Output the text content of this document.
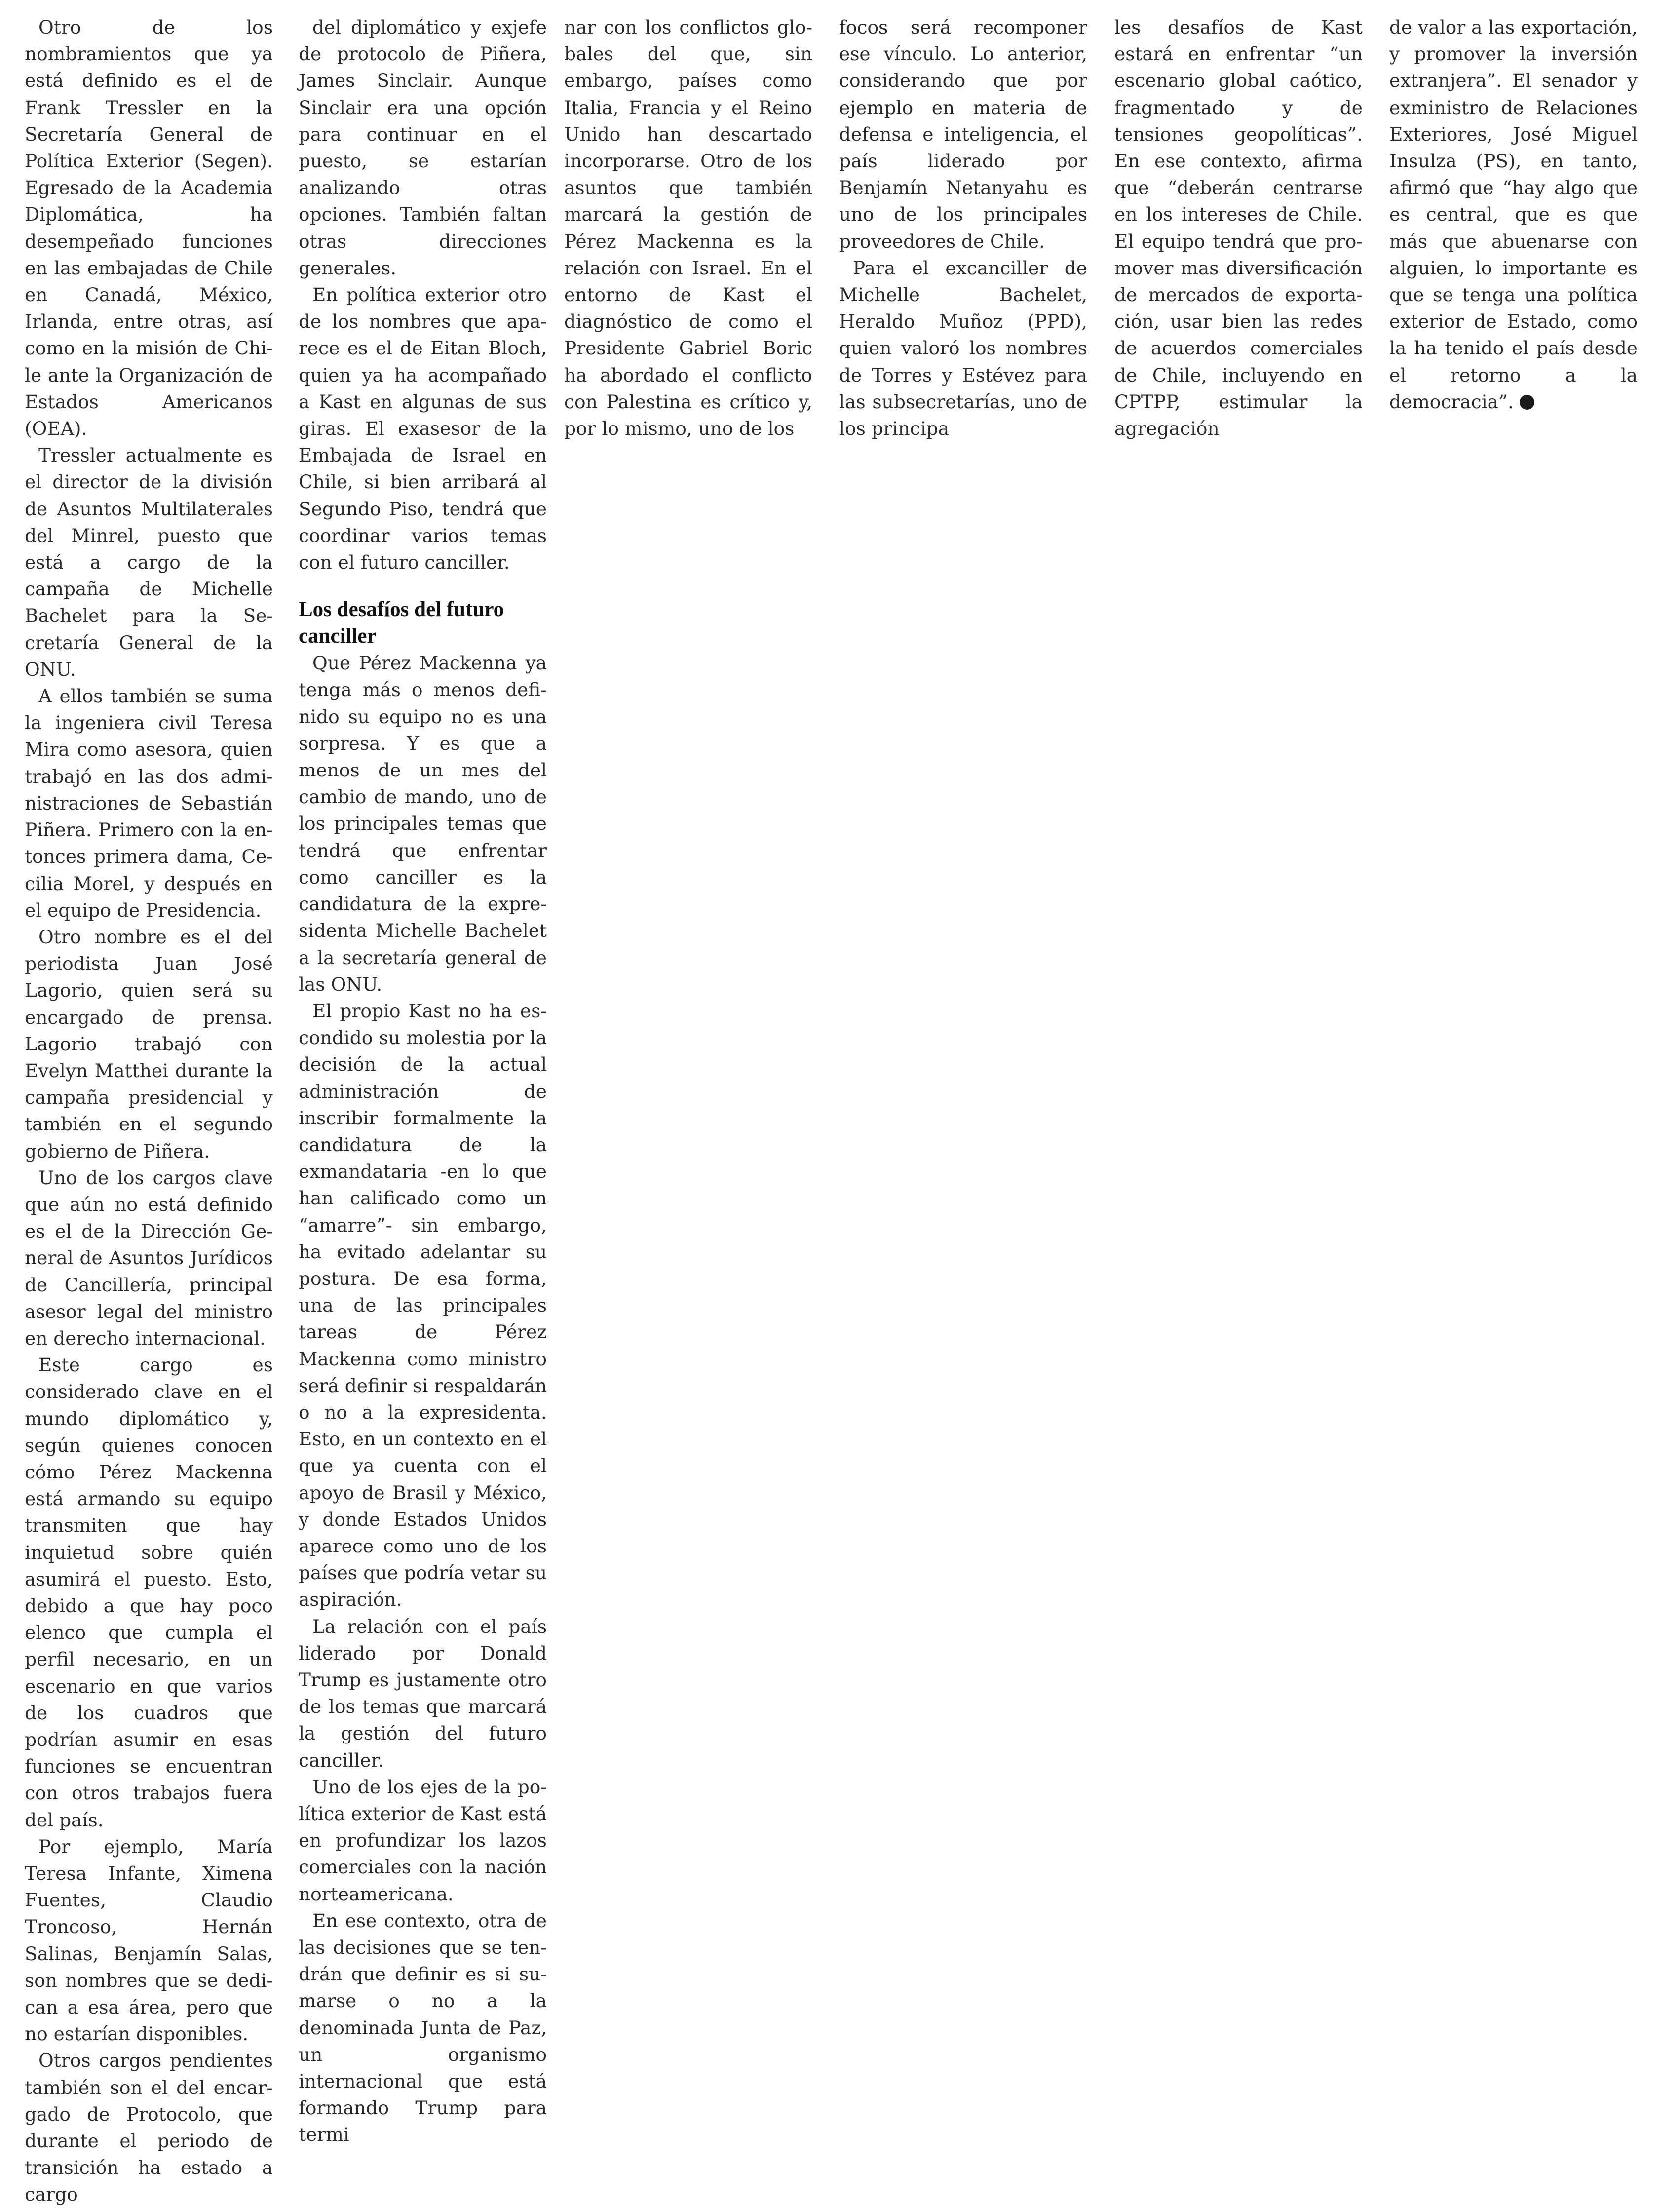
Otro de los nombramientos que ya está definido es el de Frank Tressler en la Secretaría General de Política Exterior (Segen). Egresado de la Academia Diplomática, ha desempeñado funciones en las embajadas de Chile en Canadá, México, Irlanda, entre otras, así como en la misión de Chile ante la Organización de Estados Americanos (OEA).

Tressler actualmente es el director de la división de Asuntos Multilaterales del Minrel, puesto que está a cargo de la campaña de Michelle Bachelet para la Secretaría General de la ONU.

A ellos también se suma la ingeniera civil Teresa Mira como asesora, quien trabajó en las dos administraciones de Sebastián Piñera. Primero con la entonces primera dama, Cecilia Morel, y después en el equipo de Presidencia.

Otro nombre es el del periodista Juan José Lagorio, quien será su encargado de prensa. Lagorio trabajó con Evelyn Matthei durante la campaña presidencial y también en el segundo gobierno de Piñera.

Uno de los cargos clave que aún no está definido es el de la Dirección General de Asuntos Jurídicos de Cancillería, principal asesor legal del ministro en derecho internacional.

Este cargo es considerado clave en el mundo diplomático y, según quienes conocen cómo Pérez Mackenna está armando su equipo transmiten que hay inquietud sobre quién asumirá el puesto. Esto, debido a que hay poco elenco que cumpla el perfil necesario, en un escenario en que varios de los cuadros que podrían asumir en esas funciones se encuentran con otros trabajos fuera del país.

Por ejemplo, María Teresa Infante, Ximena Fuentes, Claudio Troncoso, Hernán Salinas, Benjamín Salas, son nombres que se dedican a esa área, pero que no estarían disponibles.

Otros cargos pendientes también son el del encargado de Protocolo, que durante el periodo de transición ha estado a cargo

del diplomático y exjefe de protocolo de Piñera, James Sinclair. Aunque Sinclair era una opción para continuar en el puesto, se estarían analizando otras opciones. También faltan otras direcciones generales.

En política exterior otro de los nombres que aparece es el de Eitan Bloch, quien ya ha acompañado a Kast en algunas de sus giras. El exasesor de la Embajada de Israel en Chile, si bien arribará al Segundo Piso, tendrá que coordinar varios temas con el futuro canciller.

Los desafíos del futuro canciller

Que Pérez Mackenna ya tenga más o menos definido su equipo no es una sorpresa. Y es que a menos de un mes del cambio de mando, uno de los principales temas que tendrá que enfrentar como canciller es la candidatura de la expresidenta Michelle Bachelet a la secretaría general de las ONU.

El propio Kast no ha escondido su molestia por la decisión de la actual administración de inscribir formalmente la candidatura de la exmandataria -en lo que han calificado como un “amarre”- sin embargo, ha evitado adelantar su postura. De esa forma, una de las principales tareas de Pérez Mackenna como ministro será definir si respaldarán o no a la expresidenta. Esto, en un contexto en el que ya cuenta con el apoyo de Brasil y México, y donde Estados Unidos aparece como uno de los países que podría vetar su aspiración.

La relación con el país liderado por Donald Trump es justamente otro de los temas que marcará la gestión del futuro canciller.

Uno de los ejes de la política exterior de Kast está en profundizar los lazos comerciales con la nación norteamericana.

En ese contexto, otra de las decisiones que se tendrán que definir es si sumarse o no a la denominada Junta de Paz, un organismo internacional que está formando Trump para termi

nar con los conflictos globales del que, sin embargo, países como Italia, Francia y el Reino Unido han descartado incorporarse. Otro de los asuntos que también marcará la gestión de Pérez Mackenna es la relación con Israel. En el entorno de Kast el diagnóstico de como el Presidente Gabriel Boric ha abordado el conflicto con Palestina es crítico y, por lo mismo, uno de los

focos será recomponer ese vínculo. Lo anterior, considerando que por ejemplo en materia de defensa e inteligencia, el país liderado por Benjamín Netanyahu es uno de los principales proveedores de Chile.

Para el excanciller de Michelle Bachelet, Heraldo Muñoz (PPD), quien valoró los nombres de Torres y Estévez para las subsecretarías, uno de los principa

les desafíos de Kast estará en enfrentar “un escenario global caótico, fragmentado y de tensiones geopolíticas”. En ese contexto, afirma que “deberán centrarse en los intereses de Chile. El equipo tendrá que promover mas diversificación de mercados de exportación, usar bien las redes de acuerdos comerciales de Chile, incluyendo en CPTPP, estimular la agregación

de valor a las exportación, y promover la inversión extranjera”. El senador y exministro de Relaciones Exteriores, José Miguel Insulza (PS), en tanto, afirmó que “hay algo que es central, que es que más que abuenarse con alguien, lo importante es que se tenga una política exterior de Estado, como la ha tenido el país desde el retorno a la democracia”.
